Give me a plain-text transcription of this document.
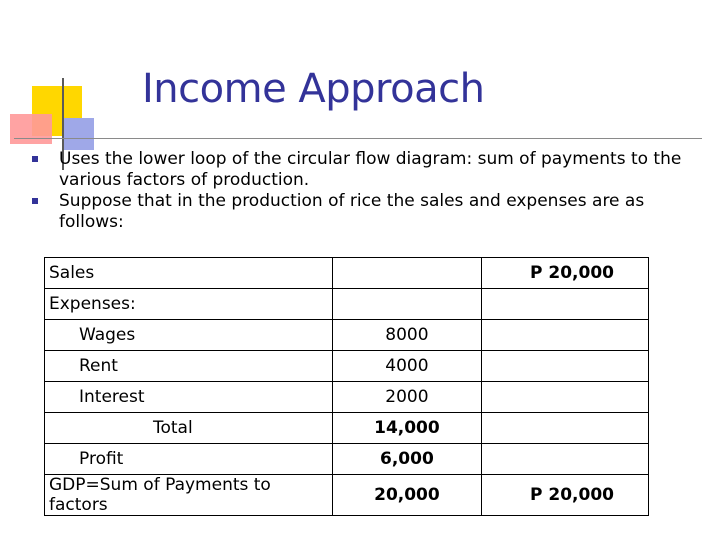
Income Approach
Uses the lower loop of the circular flow diagram: sum of payments to the various factors of production.
Suppose that in the production of rice the sales and expenses are as follows:
Sales		P 20,000
Expenses:		
Wages	8000	
Rent	4000	
Interest	2000	
Total	14,000	
Profit	6,000	
GDP=Sum of Payments to factors	20,000	P 20,000
